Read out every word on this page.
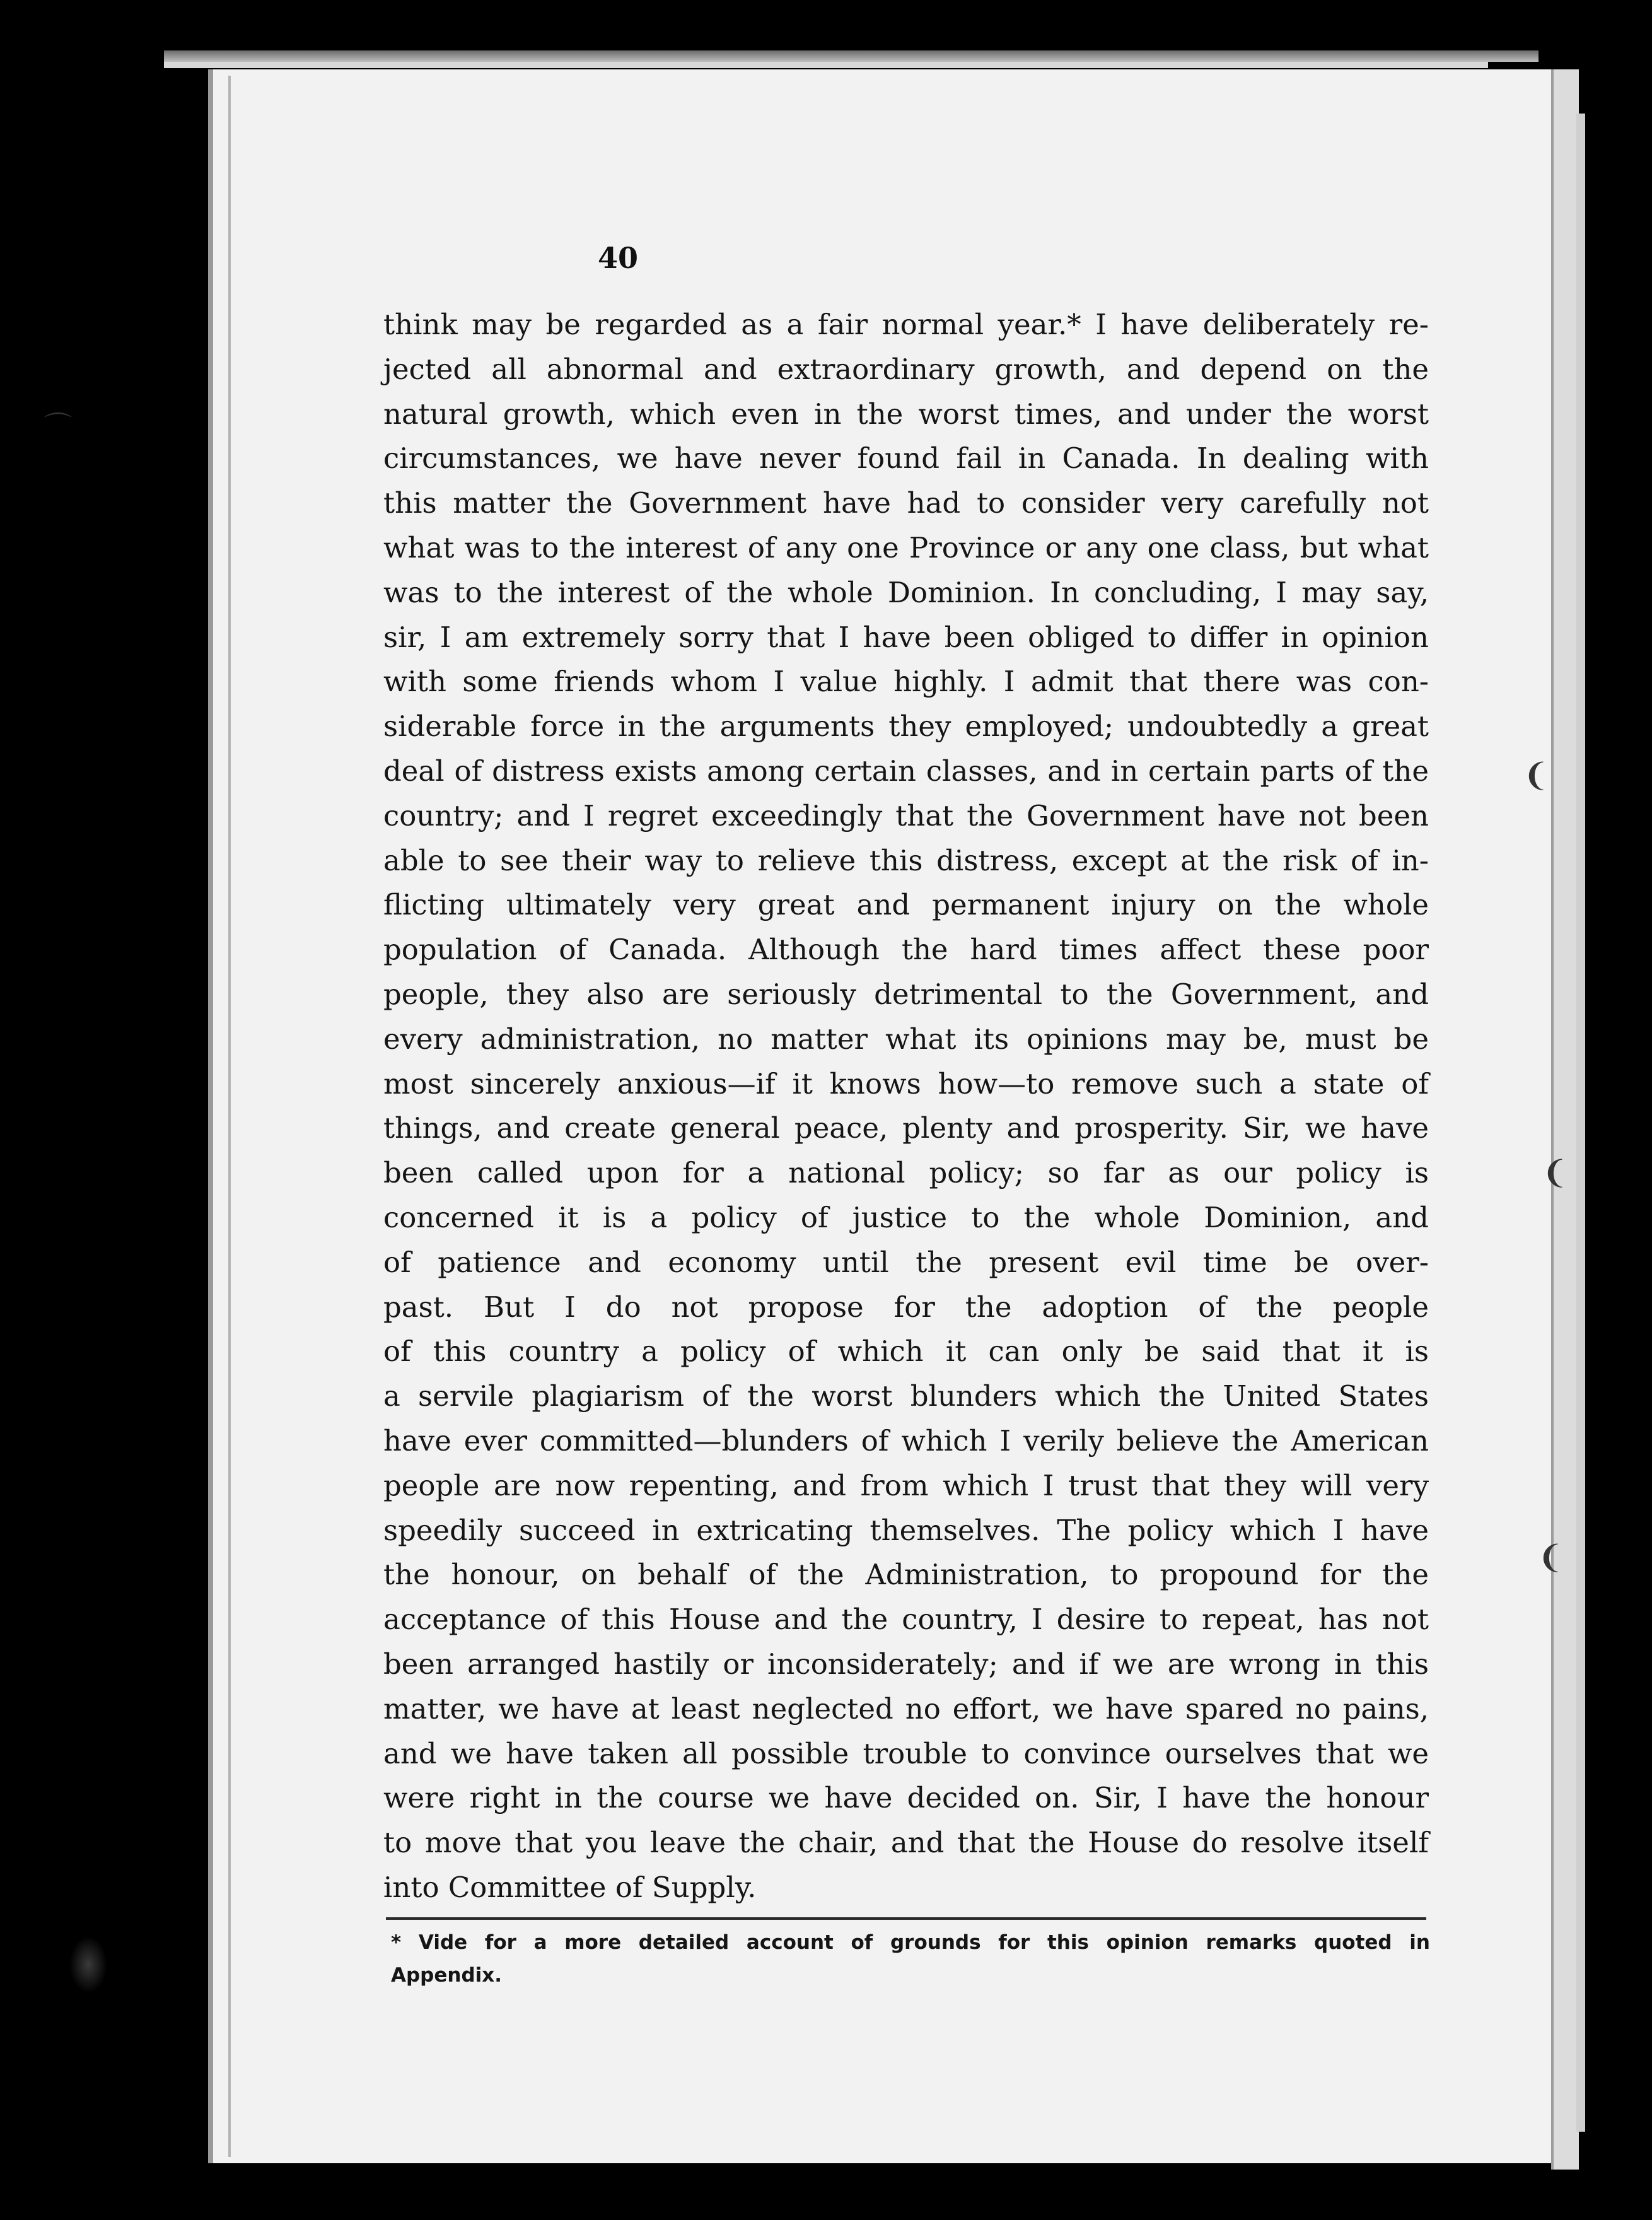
⌒
❨
❨
❨
40
think may be regarded as a fair normal year.* I have deliberately re-
jected all abnormal and extraordinary growth, and depend on the
natural growth, which even in the worst times, and under the worst
circumstances, we have never found fail in Canada. In dealing with
this matter the Government have had to consider very carefully not
what was to the interest of any one Province or any one class, but what
was to the interest of the whole Dominion. In concluding, I may say,
sir, I am extremely sorry that I have been obliged to differ in opinion
with some friends whom I value highly. I admit that there was con-
siderable force in the arguments they employed; undoubtedly a great
deal of distress exists among certain classes, and in certain parts of the
country; and I regret exceedingly that the Government have not been
able to see their way to relieve this distress, except at the risk of in-
flicting ultimately very great and permanent injury on the whole
population of Canada. Although the hard times affect these poor
people, they also are seriously detrimental to the Government, and
every administration, no matter what its opinions may be, must be
most sincerely anxious—if it knows how—to remove such a state of
things, and create general peace, plenty and prosperity. Sir, we have
been called upon for a national policy; so far as our policy is
concerned it is a policy of justice to the whole Dominion, and
of patience and economy until the present evil time be over-
past. But I do not propose for the adoption of the people
of this country a policy of which it can only be said that it is
a servile plagiarism of the worst blunders which the United States
have ever committed—blunders of which I verily believe the American
people are now repenting, and from which I trust that they will very
speedily succeed in extricating themselves. The policy which I have
the honour, on behalf of the Administration, to propound for the
acceptance of this House and the country, I desire to repeat, has not
been arranged hastily or inconsiderately; and if we are wrong in this
matter, we have at least neglected no effort, we have spared no pains,
and we have taken all possible trouble to convince ourselves that we
were right in the course we have decided on. Sir, I have the honour
to move that you leave the chair, and that the House do resolve itself
into Committee of Supply.
* Vide for a more detailed account of grounds for this opinion remarks quoted in
Appendix.
